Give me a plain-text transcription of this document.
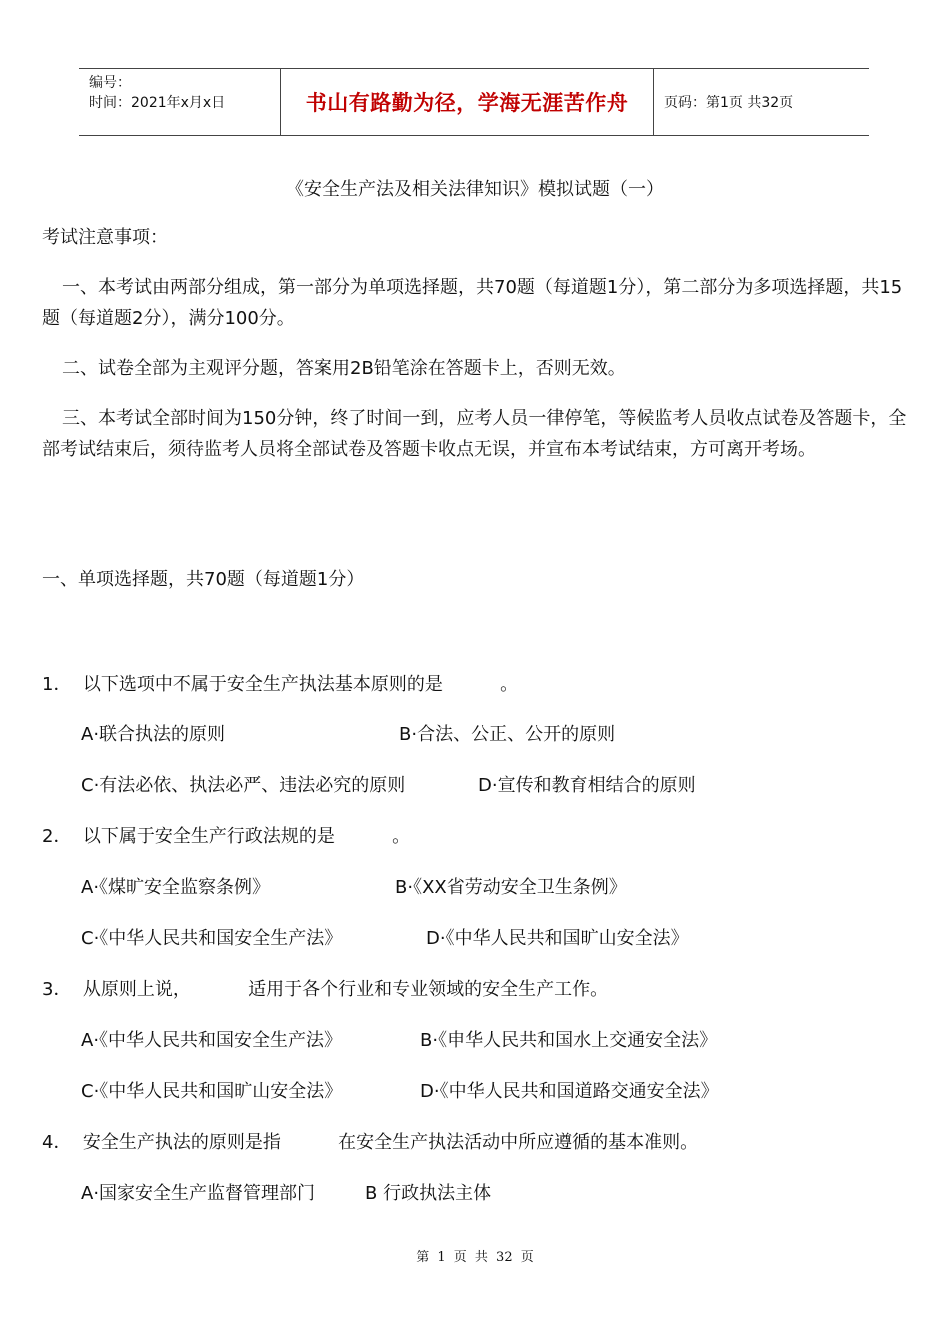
编号：
时间：2021年x月x日	书山有路勤为径，学海无涯苦作舟	页码：第1页 共32页
《安全生产法及相关法律知识》模拟试题（一）

考试注意事项：

一、本考试由两部分组成，第一部分为单项选择题，共70题（每道题1分），第二部分为多项选择题，共15题（每道题2分），满分100分。

二、试卷全部为主观评分题，答案用2B铅笔涂在答题卡上，否则无效。

三、本考试全部时间为150分钟，终了时间一到，应考人员一律停笔，等候监考人员收点试卷及答题卡，全部考试结束后，须待监考人员将全部试卷及答题卡收点无误，并宣布本考试结束，方可离开考场。

一、单项选择题，共70题（每道题1分）

1．  以下选项中不属于安全生产执法基本原则的是          。
A·联合执法的原则	B·合法、公正、公开的原则
C·有法必依、执法必严、违法必究的原则	D·宣传和教育相结合的原则
2．  以下属于安全生产行政法规的是          。
A·《煤旷安全监察条例》	B·《XX省劳动安全卫生条例》
C·《中华人民共和国安全生产法》	D·《中华人民共和国旷山安全法》
3．  从原则上说，          适用于各个行业和专业领域的安全生产工作。
A·《中华人民共和国安全生产法》	B·《申华人民共和国水上交通安全法》
C·《中华人民共和国旷山安全法》	D·《中华人民共和国道路交通安全法》
4．  安全生产执法的原则是指          在安全生产执法活动中所应遵循的基本准则。
A·国家安全生产监督管理部门	B 行政执法主体
第 1 页 共 32 页
